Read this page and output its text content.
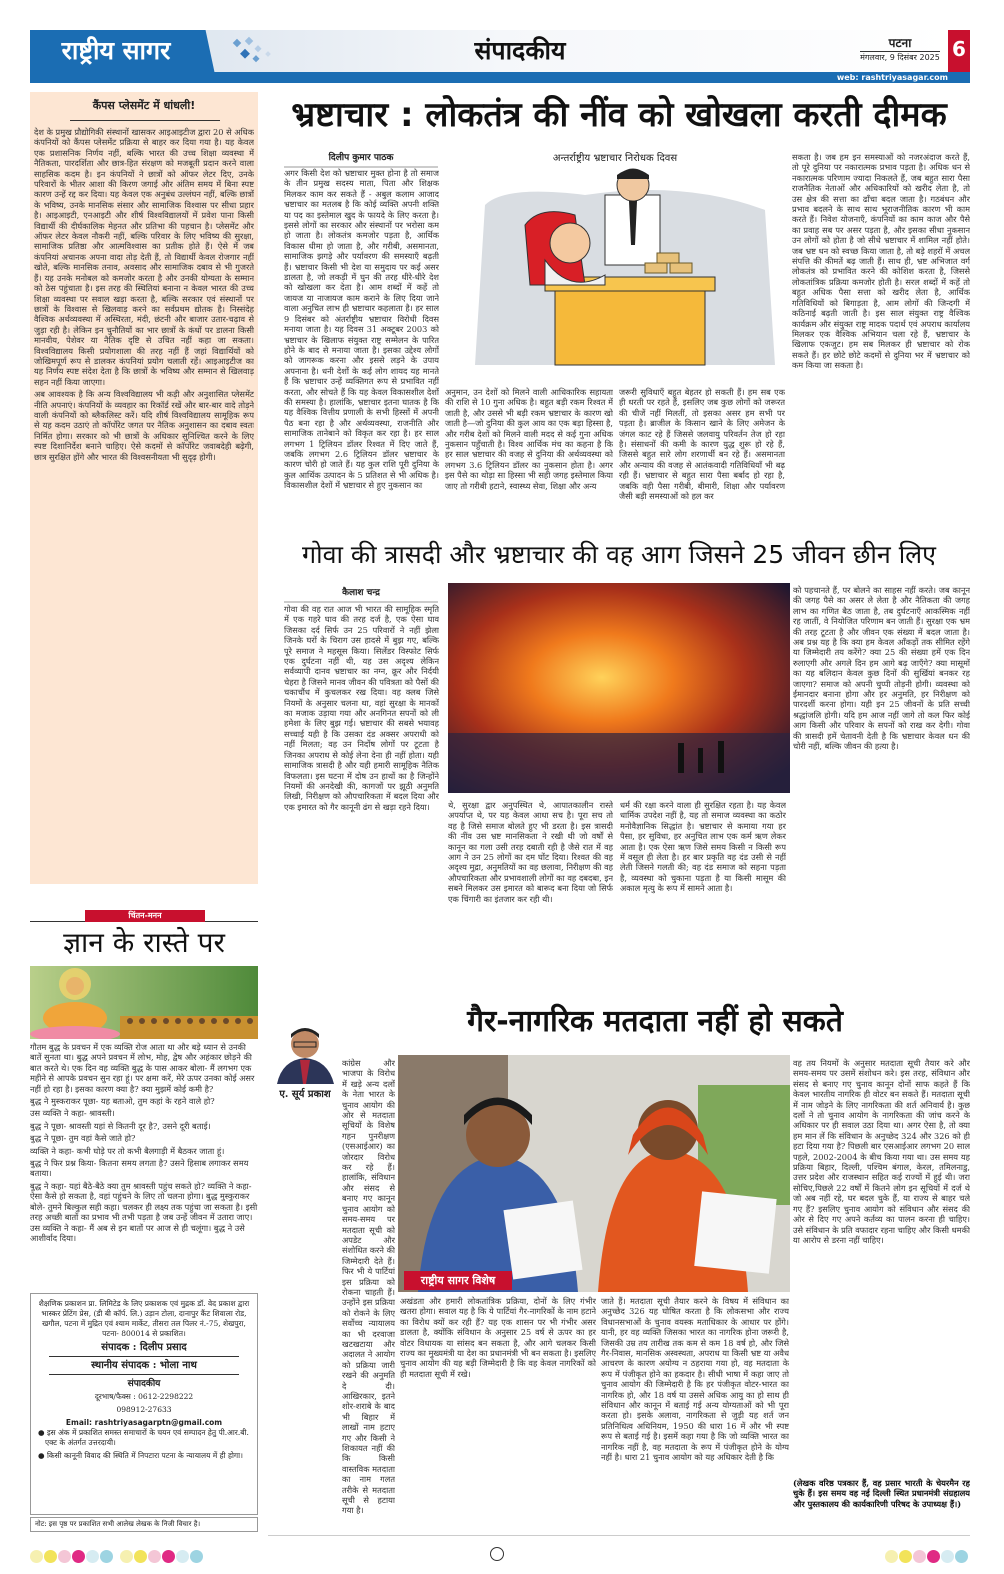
राष्ट्रीय सागर	संपादकीय	पटना
मंगलवार, 9 दिसंबर 2025 6
web: rashtriyasagar.com
कैंपस प्लेसमेंट में धांधली!

देश के प्रमुख प्रौद्योगिकी संस्थानों खासकर आइआइटीज द्वारा 20 से अधिक कंपनियों को कैंपस प्लेसमेंट प्रक्रिया से बाहर कर दिया गया है। यह केवल एक प्रशासनिक निर्णय नहीं, बल्कि भारत की उच्च शिक्षा व्यवस्था में नैतिकता, पारदर्शिता और छात्र-हित संरक्षण को मजबूती प्रदान करने वाला साहसिक कदम है। इन कंपनियों ने छात्रों को ऑफर लेटर दिए, उनके परिवारों के भीतर आशा की किरण जगाई और अंतिम समय में बिना स्पष्ट कारण उन्हें रद्द कर दिया। यह केवल एक अनुबंध उल्लंघन नहीं, बल्कि छात्रों के भविष्य, उनके मानसिक संसार और सामाजिक विश्वास पर सीधा प्रहार है। आइआइटी, एनआइटी और शीर्ष विश्वविद्यालयों में प्रवेश पाना किसी विद्यार्थी की दीर्घकालिक मेहनत और प्रतिभा की पहचान है। प्लेसमेंट और ऑफर लेटर केवल नौकरी नहीं, बल्कि परिवार के लिए भविष्य की सुरक्षा, सामाजिक प्रतिष्ठा और आत्मविश्वास का प्रतीक होते हैं। ऐसे में जब कंपनियां अचानक अपना वादा तोड़ देती हैं, तो विद्यार्थी केवल रोजगार नहीं खोते, बल्कि मानसिक तनाव, अवसाद और सामाजिक दबाव से भी गुजरते हैं। यह उनके मनोबल को कमजोर करता है और उनकी योग्यता के सम्मान को ठेस पहुंचाता है। इस तरह की स्थितियां बनाना न केवल भारत की उच्च शिक्षा व्यवस्था पर सवाल खड़ा करता है, बल्कि सरकार एवं संस्थानों पर छात्रों के विश्वास से खिलवाड़ करने का सर्वप्रथम द्योतक है। निस्संदेह वैश्विक अर्थव्यवस्था में अस्थिरता, मंदी, छंटनी और बाजार उतार-चढ़ाव से जुड़ा रही है। लेकिन इन चुनौतियों का भार छात्रों के कंधों पर डालना किसी मानवीय, पेशेवर या नैतिक दृष्टि से उचित नहीं कहा जा सकता। विश्वविद्यालय किसी प्रयोगशाला की तरह नहीं हैं जहां विद्यार्थियों को जोखिमपूर्ण रूप से डालकर कंपनियां प्रयोग चलाती रहें। आइआइटीज का यह निर्णय स्पष्ट संदेश देता है कि छात्रों के भविष्य और सम्मान से खिलवाड़ सहन नहीं किया जाएगा।

अब आवश्यक है कि अन्य विश्वविद्यालय भी कड़ी और अनुशासित प्लेसमेंट नीति अपनाएं। कंपनियों के व्यवहार का रिकॉर्ड रखें और बार-बार वादे तोड़ने वाली कंपनियों को ब्लैकलिस्ट करें। यदि शीर्ष विश्वविद्यालय सामूहिक रूप से यह कदम उठाएं तो कॉर्पोरेट जगत पर नैतिक अनुशासन का दबाव स्वतः निर्मित होगा। सरकार को भी छात्रों के अधिकार सुनिश्चित करने के लिए स्पष्ट दिशानिर्देश बनाने चाहिए। ऐसे कदमों से कॉर्पोरेट जवाबदेही बढ़ेगी, छात्र सुरक्षित होंगे और भारत की विश्वसनीयता भी सुदृढ़ होगी।

चिंतन-मनन
ज्ञान के रास्ते पर

गौतम बुद्ध के प्रवचन में एक व्यक्ति रोज आता था और बड़े ध्यान से उनकी बातें सुनता था। बुद्ध अपने प्रवचन में लोभ, मोह, द्वेष और अहंकार छोड़ने की बात करते थे। एक दिन वह व्यक्ति बुद्ध के पास आकर बोला- मैं लगभग एक महीने से आपके प्रवचन सुन रहा हूं। पर क्षमा करें, मेरे ऊपर उनका कोई असर नहीं हो रहा है। इसका कारण क्या है? क्या मुझमें कोई कमी है?

बुद्ध ने मुस्कराकर पूछा- यह बताओ, तुम कहां के रहने वाले हो?

उस व्यक्ति ने कहा- श्रावस्ती।

बुद्ध ने पूछा- श्रावस्ती यहां से कितनी दूर है?, उसने दूरी बताई।

बुद्ध ने पूछा- तुम वहां कैसे जाते हो?

व्यक्ति ने कहा- कभी घोड़े पर तो कभी बैलगाड़ी में बैठकर जाता हूं।

बुद्ध ने फिर प्रश्न किया- कितना समय लगता है? उसने हिसाब लगाकर समय बताया।

बुद्ध ने कहा- यहां बैठे-बैठे क्या तुम श्रावस्ती पहुंच सकते हो? व्यक्ति ने कहा- ऐसा कैसे हो सकता है, वहां पहुंचने के लिए तो चलना होगा। बुद्ध मुस्कुराकर बोले- तुमने बिल्कुल सही कहा। चलकर ही लक्ष्य तक पहुंचा जा सकता है। इसी तरह अच्छी बातों का प्रभाव भी तभी पड़ता है जब उन्हें जीवन में उतारा जाए। उस व्यक्ति ने कहा- मैं अब से इन बातों पर आज से ही चलूंगा। बुद्ध ने उसे आशीर्वाद दिया।

शैक्षणिक प्रकाशन प्रा. लिमिटेड के लिए प्रकाशक एवं मुद्रक डॉ. वेद प्रकाश द्वारा भास्कर प्रेटिंग प्रेस, (डी बी कॉर्प. लि.) उड़ान टोला, दानापुर कैंट शिवाला रोड, खगौल, पटना में मुद्रित एवं श्याम मार्केट, तीसरा तल पिलर नं.-75, शेखपुरा, पटना- 800014 से प्रकाशित।
संपादक : दिलीप प्रसाद
स्थानीय संपादक : भोला नाथ
संपादकीय
दूरभाष/फैक्स : 0612-2298222
098912-27633
Email: rashtriyasagarptn@gmail.com
● इस अंक में प्रकाशित समस्त समाचारों के चयन एवं सम्पादन हेतु पी.आर.बी. एक्ट के अंतर्गत उत्तरदायी।
● किसी कानूनी विवाद की स्थिति में निपटारा पटना के न्यायालय में ही होगा।
नोट: इस पृष्ठ पर प्रकाशित सभी आलेख लेखक के निजी विचार है।
भ्रष्टाचार : लोकतंत्र की नींव को खोखला करती दीमक
दिलीप कुमार पाठक
अगर किसी देश को भ्रष्टाचार मुक्त होना है तो समाज के तीन प्रमुख सदस्य माता, पिता और शिक्षक मिलकर काम कर सकते हैं - अबुल कलाम आजाद भ्रष्टाचार का मतलब है कि कोई व्यक्ति अपनी शक्ति या पद का इस्तेमाल खुद के फायदे के लिए करता है। इससे लोगों का सरकार और संस्थानों पर भरोसा कम हो जाता है। लोकतंत्र कमजोर पड़ता है, आर्थिक विकास धीमा हो जाता है, और गरीबी, असमानता, सामाजिक झगड़े और पर्यावरण की समस्याएँ बढ़ती हैं। भ्रष्टाचार किसी भी देश या समुदाय पर कई असर डालता है, जो लकड़ी में घुन की तरह धीरे-धीरे देश को खोखला कर देता है। आम शब्दों में कहें तो जायज या नाजायज काम कराने के लिए दिया जाने वाला अनुचित लाभ ही भ्रष्टाचार कहलाता है। हर साल 9 दिसंबर को अंतर्राष्ट्रीय भ्रष्टाचार विरोधी दिवस मनाया जाता है। यह दिवस 31 अक्टूबर 2003 को भ्रष्टाचार के खिलाफ संयुक्त राष्ट्र सम्मेलन के पारित होने के बाद से मनाया जाता है। इसका उद्देश्य लोगों को जागरूक करना और इससे लड़ने के उपाय अपनाना है। धनी देशों के कई लोग शायद यह मानते हैं कि भ्रष्टाचार उन्हें व्यक्तिगत रूप से प्रभावित नहीं करता, और सोचते हैं कि यह केवल विकासशील देशों की समस्या है। हालांकि, भ्रष्टाचार इतना घातक है कि यह वैश्विक वित्तीय प्रणाली के सभी हिस्सों में अपनी पैठ बना रहा है और अर्थव्यवस्था, राजनीति और सामाजिक तानेबाने को विकृत कर रहा है। हर साल लगभग 1 ट्रिलियन डॉलर रिश्वत में दिए जाते हैं, जबकि लगभग 2.6 ट्रिलियन डॉलर भ्रष्टाचार के कारण चोरी हो जाते हैं। यह कुल राशि पूरी दुनिया के कुल आर्थिक उत्पादन के 5 प्रतिशत से भी अधिक है। विकासशील देशों में भ्रष्टाचार से हुए नुकसान का
अन्तर्राष्ट्रीय भ्रष्टाचार निरोधक दिवस
अनुमान, उन देशों को मिलने वाली आधिकारिक सहायता की राशि से 10 गुना अधिक है। बहुत बड़ी रकम रिश्वत में जाती है, और उससे भी बड़ी रकम भ्रष्टाचार के कारण खो जाती है—जो दुनिया की कुल आय का एक बड़ा हिस्सा है, और गरीब देशों को मिलने वाली मदद से कई गुना अधिक नुकसान पहुँचाती है। विश्व आर्थिक मंच का कहना है कि हर साल भ्रष्टाचार की वजह से दुनिया की अर्थव्यवस्था को लगभग 3.6 ट्रिलियन डॉलर का नुकसान होता है। अगर इस पैसे का थोड़ा सा हिस्सा भी सही जगह इस्तेमाल किया जाए तो गरीबी हटाने, स्वास्थ्य सेवा, शिक्षा और अन्य
जरूरी सुविधाएँ बहुत बेहतर हो सकती हैं। हम सब एक ही धरती पर रहते हैं, इसलिए जब कुछ लोगों को जरूरत की चीजें नहीं मिलतीं, तो इसका असर हम सभी पर पड़ता है। ब्राजील के किसान खाने के लिए अमेजन के जंगल काट रहे हैं जिससे जलवायु परिवर्तन तेज हो रहा है। संसाधनों की कमी के कारण युद्ध शुरू हो रहे हैं, जिससे बहुत सारे लोग शरणार्थी बन रहे हैं। असमानता और अन्याय की वजह से आतंकवादी गतिविधियाँ भी बढ़ रही हैं। भ्रष्टाचार से बहुत सारा पैसा बर्बाद हो रहा है, जबकि वही पैसा गरीबी, बीमारी, शिक्षा और पर्यावरण जैसी बड़ी समस्याओं को हल कर
सकता है। जब हम इन समस्याओं को नजरअंदाज करते हैं, तो पूरे दुनिया पर नकारात्मक प्रभाव पड़ता है। अधिक धन से नकारात्मक परिणाम ज्यादा निकलते हैं, जब बहुत सारा पैसा राजनैतिक नेताओं और अधिकारियों को खरीद लेता है, तो उस क्षेत्र की सत्ता का ढाँचा बदल जाता है। गठबंधन और प्रभाव बदलने के साथ साथ भूराजनीतिक कारण भी काम करते हैं। निवेश योजनाएँ, कंपनियों का काम काज और पैसे का प्रवाह सब पर असर पड़ता है, और इसका सीधा नुकसान उन लोगों को होता है जो सीधे भ्रष्टाचार में शामिल नहीं होते। जब भ्रष्ट धन को स्वच्छ किया जाता है, तो बड़े शहरों में अचल संपत्ति की कीमतें बढ़ जाती हैं। साथ ही, भ्रष्ट अभिजात वर्ग लोकतंत्र को प्रभावित करने की कोशिश करता है, जिससे लोकतांत्रिक प्रक्रिया कमजोर होती है। सरल शब्दों में कहें तो बहुत अधिक पैसा सत्ता को खरीद लेता है, आर्थिक गतिविधियों को बिगाड़ता है, आम लोगों की जिन्दगी में कठिनाई बढ़ती जाती है। इस साल संयुक्त राष्ट्र वैश्विक कार्यक्रम और संयुक्त राष्ट्र मादक पदार्थ एवं अपराध कार्यालय मिलकर एक वैश्विक अभियान चला रहे हैं, भ्रष्टाचार के खिलाफ एकजुट। हम सब मिलकर ही भ्रष्टाचार को रोक सकते हैं। हर छोटे छोटे कदमों से दुनिया भर में भ्रष्टाचार को कम किया जा सकता है।
गोवा की त्रासदी और भ्रष्टाचार की वह आग जिसने 25 जीवन छीन लिए
कैलाश चन्द्र
गोवा की वह रात आज भी भारत की सामूहिक स्मृति में एक गहरे घाव की तरह दर्ज है, एक ऐसा घाव जिसका दर्द सिर्फ उन 25 परिवारों ने नहीं झेला जिनके घरों के चिराग उस हादसे में बुझ गए, बल्कि पूरे समाज ने महसूस किया। सिलेंडर विस्फोट सिर्फ एक दुर्घटना नहीं थी, यह उस अदृश्य लेकिन सर्वव्यापी दानव भ्रष्टाचार का नग्न, क्रूर और निर्दयी चेहरा है जिसने मानव जीवन की पवित्रता को पैसों की चकाचौंध में कुचलकर रख दिया। वह क्लब जिसे नियमों के अनुसार चलना था, वहां सुरक्षा के मानकों का मजाक उड़ाया गया और अनगिनत सपनों को ली हमेशा के लिए बुझ गई। भ्रष्टाचार की सबसे भयावह सच्चाई यही है कि उसका दंड अक्सर अपराधी को नहीं मिलता; वह उन निर्दोष लोगों पर टूटता है जिनका अपराध से कोई लेना देना ही नहीं होता। यही सामाजिक त्रासदी है और यही हमारी सामूहिक नैतिक विफलता। इस घटना में दोष उन हाथों का है जिन्होंने नियमों की अनदेखी की, कागजों पर झूठी अनुमति लिखी, निरीक्षण को औपचारिकता में बदल दिया और एक इमारत को गैर कानूनी ढंग से खड़ा रहने दिया।	थे, सुरक्षा द्वार अनुपस्थित थे, आपातकालीन रास्ते अपर्याप्त थे, पर यह केवल आधा सच है। पूरा सच तो वह है जिसे समाज बोलते हुए भी डरता है। इस त्रासदी की नींव उस भ्रष्ट मानसिकता ने रखी थी जो वर्षों से कानून का गला उसी तरह दबाती रही है जैसे रात में वह आग ने उन 25 लोगों का दम घोंट दिया। रिश्वत की वह अदृश्य मुद्रा, अनुमतियों का वह छलावा, निरीक्षण की वह औपचारिकता और प्रभावशाली लोगों का वह दबदबा, इन सबने मिलकर उस इमारत को बारूद बना दिया जो सिर्फ एक चिंगारी का इंतजार कर रही थी।
धर्म की रक्षा करने वाला ही सुरक्षित रहता है। यह केवल धार्मिक उपदेश नहीं है, यह तो समाज व्यवस्था का कठोर मनोवैज्ञानिक सिद्धांत है। भ्रष्टाचार से कमाया गया हर पैसा, हर सुविधा, हर अनुचित लाभ एक कर्म ऋण लेकर आता है। एक ऐसा ऋण जिसे समय किसी न किसी रूप में वसूल ही लेता है। हर बार प्रकृति वह दंड उसी से नहीं लेती जिसने गलती की; वह दंड समाज को सहना पड़ता है, व्यवस्था को चुकाना पड़ता है या किसी मासूम की अकाल मृत्यु के रूप में सामने आता है।
को पहचानते हैं, पर बोलने का साहस नहीं करते। जब कानून की जगह पैसे का असर ले लेता है और नैतिकता की जगह लाभ का गणित बैठ जाता है, तब दुर्घटनाएँ आकस्मिक नहीं रह जातीं, वे नियोजित परिणाम बन जाती हैं। सुरक्षा एक भ्रम की तरह टूटता है और जीवन एक संख्या में बदल जाता है। अब प्रश्न यह है कि क्या हम केवल आँकड़ों तक सीमित रहेंगे या जिम्मेदारी तय करेंगे? क्या 25 की संख्या हमें एक दिन रुलाएगी और अगले दिन हम आगे बढ़ जाएँगे? क्या मासूमों का यह बलिदान केवल कुछ दिनों की सुर्खियां बनकर रह जाएगा? समाज को अपनी चुप्पी तोड़नी होगी। व्यवस्था को ईमानदार बनाना होगा और हर अनुमति, हर निरीक्षण को पारदर्शी करना होगा। यही इन 25 जीवनों के प्रति सच्ची श्रद्धांजलि होगी। यदि हम आज नहीं जागे तो कल फिर कोई आग किसी और परिवार के सपनों को राख कर देगी। गोवा की त्रासदी हमें चेतावनी देती है कि भ्रष्टाचार केवल धन की चोरी नहीं, बल्कि जीवन की हत्या है।
ए. सूर्य प्रकाश
गैर-नागरिक मतदाता नहीं हो सकते
कांग्रेस और भाजपा के विरोध में खड़े अन्य दलों के नेता भारत के चुनाव आयोग की ओर से मतदाता सूचियों के विशेष गहन पुनरीक्षण (एसआईआर) का जोरदार विरोध कर रहे हैं। हालांकि, संविधान और संसद से बनाए गए कानून चुनाव आयोग को समय-समय पर मतदाता सूची को अपडेट और संशोधित करने की जिम्मेदारी देते हैं। फिर भी ये पार्टियां इस प्रक्रिया को रोकना चाहती हैं। उन्होंने इस प्रक्रिया को रोकने के लिए सर्वोच्च न्यायालय का भी दरवाजा खटखटाया और अदालत ने आयोग को प्रक्रिया जारी रखने की अनुमति दे दी। आखिरकार, इतने शोर-शराबे के बाद भी बिहार में लाखों नाम हटाए गए और किसी ने शिकायत नहीं की कि किसी वास्तविक मतदाता का नाम गलत तरीके से मतदाता सूची से हटाया गया है।
राष्ट्रीय सागर विशेष
अखंडता और हमारी लोकतांत्रिक प्रक्रिया, दोनों के लिए गंभीर खतरा होगा। सवाल यह है कि ये पार्टियां गैर-नागरिकों के नाम हटाने का विरोध क्यों कर रही हैं? यह एक शासन पर भी गंभीर असर डालता है, क्योंकि संविधान के अनुसार 25 वर्ष से ऊपर का हर वोटर विधायक या सांसद बन सकता है, और आगे चलकर किसी राज्य का मुख्यमंत्री या देश का प्रधानमंत्री भी बन सकता है। इसलिए चुनाव आयोग की यह बड़ी जिम्मेदारी है कि वह केवल नागरिकों को ही मतदाता सूची में रखे।
जाते हैं। मतदाता सूची तैयार करने के विषय में संविधान का अनुच्छेद 326 यह घोषित करता है कि लोकसभा और राज्य विधानसभाओं के चुनाव वयस्क मताधिकार के आधार पर होंगे। यानी, हर वह व्यक्ति जिसका भारत का नागरिक होना जरूरी है, जिसकी उम्र तय तारीख तक कम से कम 18 वर्ष हो, और जिसे गैर-निवास, मानसिक अस्वस्थता, अपराध या किसी भ्रष्ट या अवैध आचरण के कारण अयोग्य न ठहराया गया हो, वह मतदाता के रूप में पंजीकृत होने का हकदार है। सीधी भाषा में कहा जाए तो चुनाव आयोग की जिम्मेदारी है कि हर पंजीकृत वोटर-भारत का नागरिक हो, और 18 वर्ष या उससे अधिक आयु का हो साथ ही संविधान और कानून में बताई गई अन्य योग्यताओं को भी पूरा करता हो। इसके अलावा, नागरिकता से जुड़ी यह शर्त जन प्रतिनिधित्व अधिनियम, 1950 की धारा 16 में और भी स्पष्ट रूप से बताई गई है। इसमें कहा गया है कि जो व्यक्ति भारत का नागरिक नहीं है, वह मतदाता के रूप में पंजीकृत होने के योग्य नहीं है। धारा 21 चुनाव आयोग को यह अधिकार देती है कि
वह तय नियमों के अनुसार मतदाता सूची तैयार करे और समय-समय पर उसमें संशोधन करे। इस तरह, संविधान और संसद से बनाए गए चुनाव कानून दोनों साफ कहते हैं कि केवल भारतीय नागरिक ही वोटर बन सकते हैं। मतदाता सूची में नाम जोड़ने के लिए नागरिकता की शर्त अनिवार्य है। कुछ दलों ने तो चुनाव आयोग के नागरिकता की जांच करने के अधिकार पर ही सवाल उठा दिया था। अगर ऐसा है, तो क्या हम मान लें कि संविधान के अनुच्छेद 324 और 326 को ही हटा दिया गया है? पिछली बार एसआईआर लगभग 20 साल पहले, 2002-2004 के बीच किया गया था। उस समय यह प्रक्रिया बिहार, दिल्ली, पश्चिम बंगाल, केरल, तमिलनाडु, उत्तर प्रदेश और राजस्थान सहित कई राज्यों में हुई थी। जरा सोचिए,पिछले 22 वर्षों में कितने लोग इन सूचियों में दर्ज थे जो अब नहीं रहे, घर बदल चुके हैं, या राज्य से बाहर चले गए हैं? इसलिए चुनाव आयोग को संविधान और संसद की ओर से दिए गए अपने कर्तव्य का पालन करना ही चाहिए। उसे संविधान के प्रति वफादार रहना चाहिए और किसी धमकी या आरोप से डरना नहीं चाहिए।
(लेखक वरिष्ठ पत्रकार हैं, वह प्रसार भारती के चेयरमैन रह चुके हैं। इस समय वह नई दिल्ली स्थित प्रधानमंत्री संग्रहालय और पुस्तकालय की कार्यकारिणी परिषद के उपाध्यक्ष हैं।)
